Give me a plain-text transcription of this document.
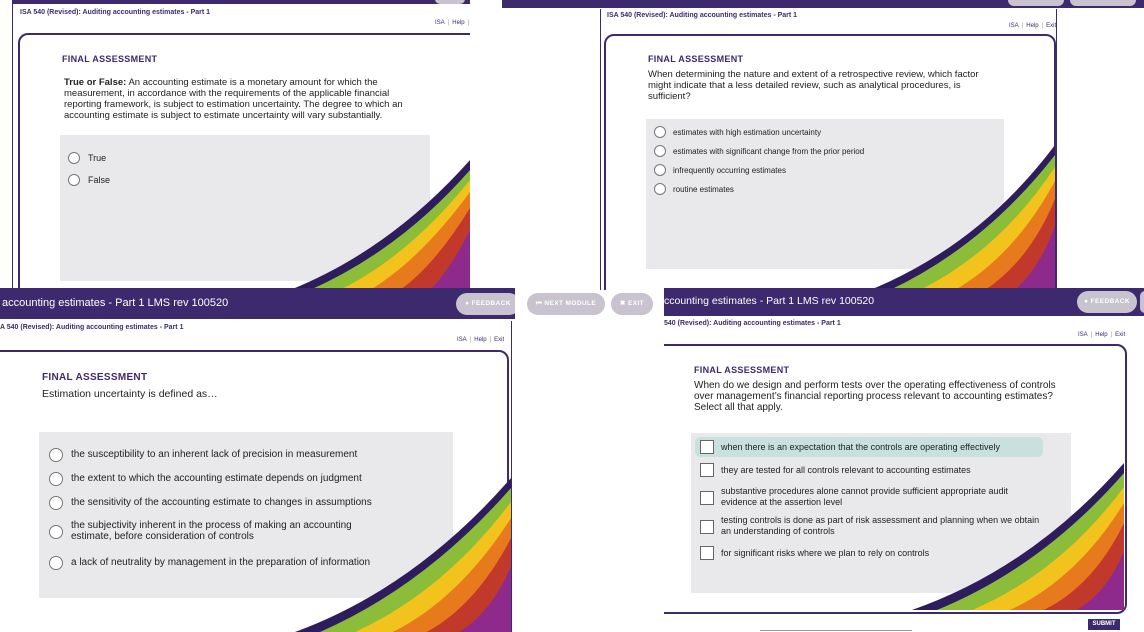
ISA 540 (Revised): Auditing accounting estimates - Part 1
ISA | Help |
FINAL ASSESSMENT
True or False: An accounting estimate is a monetary amount for which the measurement, in accordance with the requirements of the applicable financial reporting framework, is subject to estimation uncertainty. The degree to which an accounting estimate is subject to estimate uncertainty will vary substantially.
True
False
ISA 540 (Revised): Auditing accounting estimates - Part 1
ISA | Help | Exit
FINAL ASSESSMENT
When determining the nature and extent of a retrospective review, which factor might indicate that a less detailed review, such as analytical procedures, is sufficient?
estimates with high estimation uncertainty
estimates with significant change from the prior period
infrequently occurring estimates
routine estimates
accounting estimates - Part 1 LMS rev 100520	● FEEDBACK
A 540 (Revised): Auditing accounting estimates - Part 1
ISA | Help | Exit
FINAL ASSESSMENT
Estimation uncertainty is defined as…
the susceptibility to an inherent lack of precision in measurement
the extent to which the accounting estimate depends on judgment
the sensitivity of the accounting estimate to changes in assumptions
the subjectivity inherent in the process of making an accounting estimate, before consideration of controls
a lack of neutrality by management in the preparation of information
⏮ NEXT MODULE	✖ EXIT	ccounting estimates - Part 1 LMS rev 100520	● FEEDBACK
540 (Revised): Auditing accounting estimates - Part 1
ISA | Help | Exit
FINAL ASSESSMENT
When do we design and perform tests over the operating effectiveness of controls over management’s financial reporting process relevant to accounting estimates? Select all that apply.
when there is an expectation that the controls are operating effectively
they are tested for all controls relevant to accounting estimates
substantive procedures alone cannot provide sufficient appropriate audit evidence at the assertion level
testing controls is done as part of risk assessment and planning when we obtain an understanding of controls
for significant risks where we plan to rely on controls
SUBMIT
